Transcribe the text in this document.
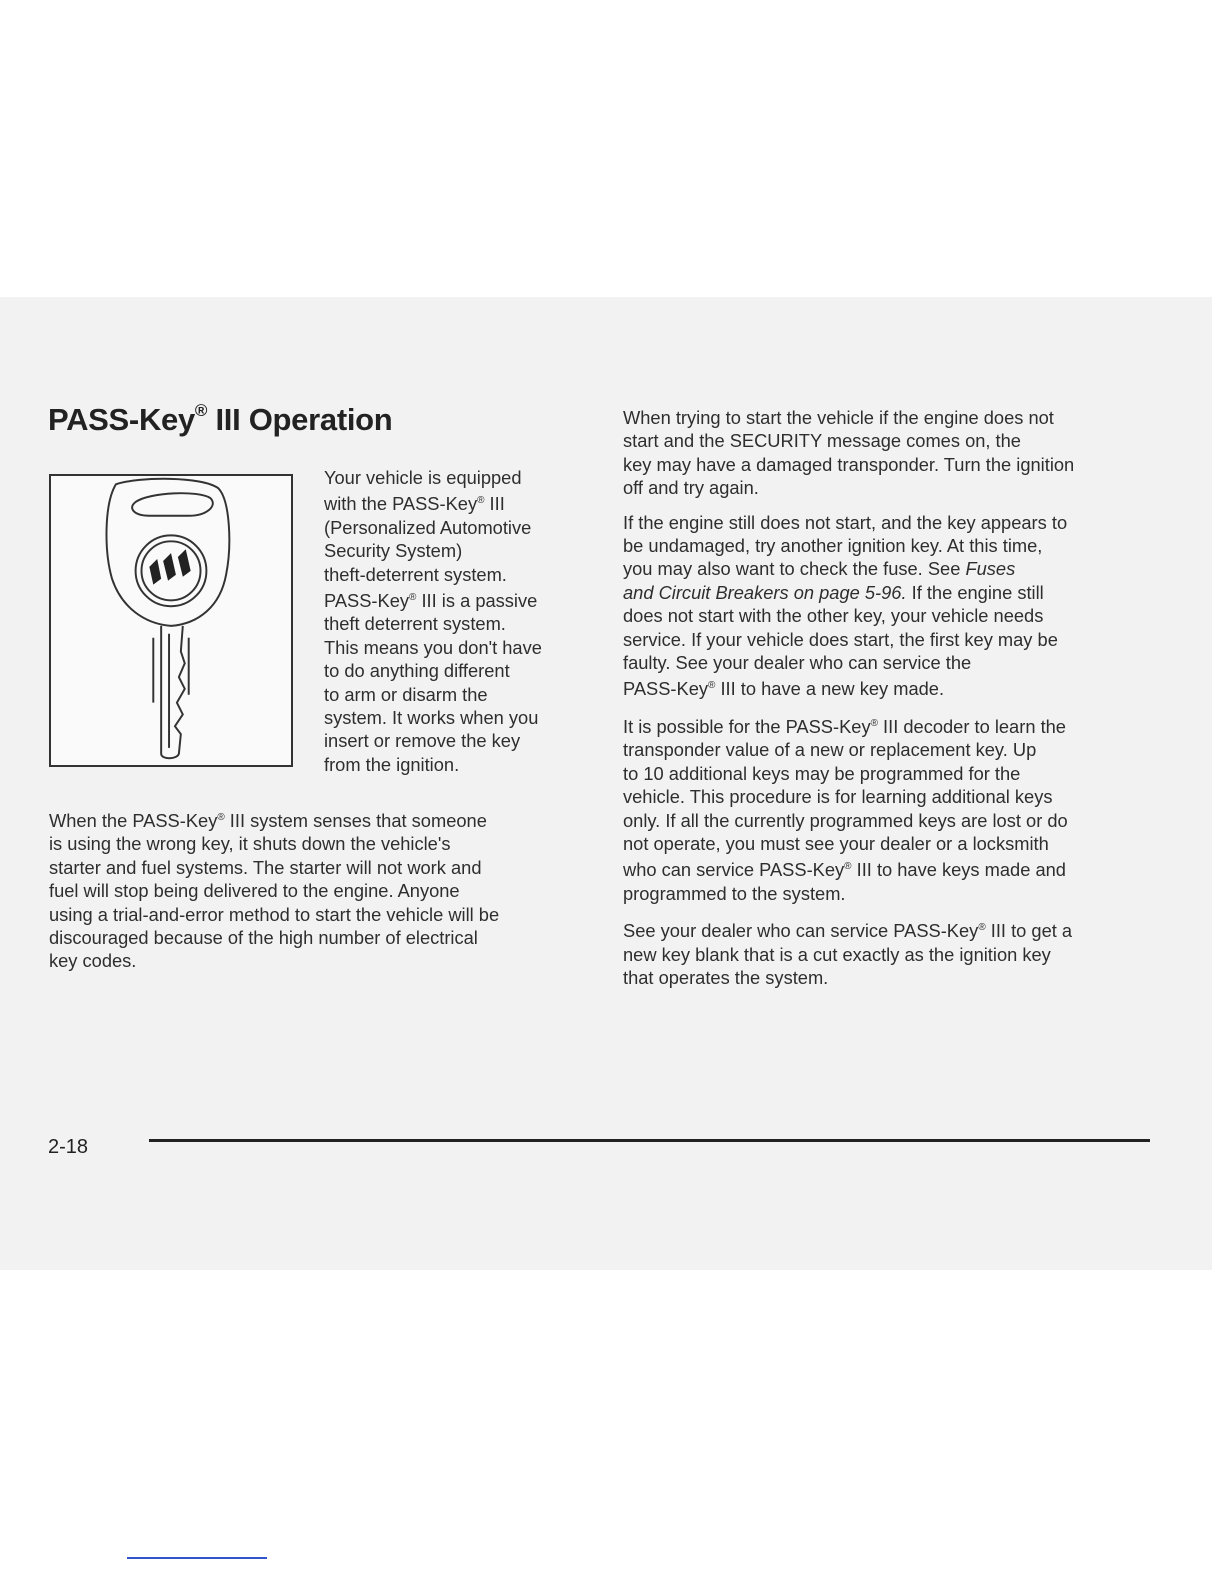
PASS-Key® III Operation
Your vehicle is equipped
with the PASS-Key® III
(Personalized Automotive
Security System)
theft-deterrent system.
PASS-Key® III is a passive
theft deterrent system.
This means you don't have
to do anything different
to arm or disarm the
system. It works when you
insert or remove the key
from the ignition.
When the PASS-Key® III system senses that someone
is using the wrong key, it shuts down the vehicle's
starter and fuel systems. The starter will not work and
fuel will stop being delivered to the engine. Anyone
using a trial-and-error method to start the vehicle will be
discouraged because of the high number of electrical
key codes.

When trying to start the vehicle if the engine does not
start and the SECURITY message comes on, the
key may have a damaged transponder. Turn the ignition
off and try again.

If the engine still does not start, and the key appears to
be undamaged, try another ignition key. At this time,
you may also want to check the fuse. See Fuses
and Circuit Breakers on page 5-96. If the engine still
does not start with the other key, your vehicle needs
service. If your vehicle does start, the first key may be
faulty. See your dealer who can service the
PASS-Key® III to have a new key made.

It is possible for the PASS-Key® III decoder to learn the
transponder value of a new or replacement key. Up
to 10 additional keys may be programmed for the
vehicle. This procedure is for learning additional keys
only. If all the currently programmed keys are lost or do
not operate, you must see your dealer or a locksmith
who can service PASS-Key® III to have keys made and
programmed to the system.

See your dealer who can service PASS-Key® III to get a
new key blank that is a cut exactly as the ignition key
that operates the system.

2-18
